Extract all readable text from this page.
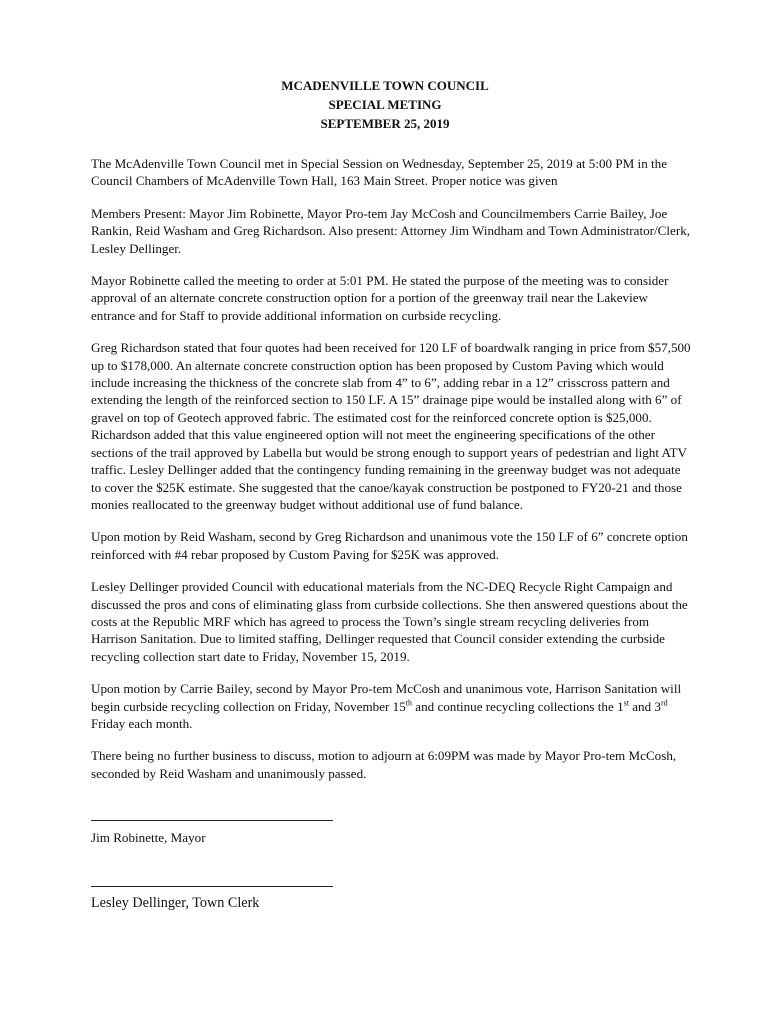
MCADENVILLE TOWN COUNCIL
SPECIAL METING
SEPTEMBER 25, 2019

The McAdenville Town Council met in Special Session on Wednesday, September 25, 2019 at 5:00 PM in the Council Chambers of McAdenville Town Hall, 163 Main Street. Proper notice was given

Members Present: Mayor Jim Robinette, Mayor Pro-tem Jay McCosh and Councilmembers Carrie Bailey, Joe Rankin, Reid Washam and Greg Richardson. Also present: Attorney Jim Windham and Town Administrator/Clerk, Lesley Dellinger.

Mayor Robinette called the meeting to order at 5:01 PM. He stated the purpose of the meeting was to consider approval of an alternate concrete construction option for a portion of the greenway trail near the Lakeview entrance and for Staff to provide additional information on curbside recycling.

Greg Richardson stated that four quotes had been received for 120 LF of boardwalk ranging in price from $57,500 up to $178,000. An alternate concrete construction option has been proposed by Custom Paving which would include increasing the thickness of the concrete slab from 4” to 6”, adding rebar in a 12” crisscross pattern and extending the length of the reinforced section to 150 LF. A 15” drainage pipe would be installed along with 6” of gravel on top of Geotech approved fabric. The estimated cost for the reinforced concrete option is $25,000. Richardson added that this value engineered option will not meet the engineering specifications of the other sections of the trail approved by Labella but would be strong enough to support years of pedestrian and light ATV traffic. Lesley Dellinger added that the contingency funding remaining in the greenway budget was not adequate to cover the $25K estimate. She suggested that the canoe/kayak construction be postponed to FY20-21 and those monies reallocated to the greenway budget without additional use of fund balance.

Upon motion by Reid Washam, second by Greg Richardson and unanimous vote the 150 LF of 6” concrete option reinforced with #4 rebar proposed by Custom Paving for $25K was approved.

Lesley Dellinger provided Council with educational materials from the NC-DEQ Recycle Right Campaign and discussed the pros and cons of eliminating glass from curbside collections. She then answered questions about the costs at the Republic MRF which has agreed to process the Town’s single stream recycling deliveries from Harrison Sanitation. Due to limited staffing, Dellinger requested that Council consider extending the curbside recycling collection start date to Friday, November 15, 2019.

Upon motion by Carrie Bailey, second by Mayor Pro-tem McCosh and unanimous vote, Harrison Sanitation will begin curbside recycling collection on Friday, November 15th and continue recycling collections the 1st and 3rd Friday each month.

There being no further business to discuss, motion to adjourn at 6:09PM was made by Mayor Pro-tem McCosh, seconded by Reid Washam and unanimously passed.

Jim Robinette, Mayor
Lesley Dellinger, Town Clerk
